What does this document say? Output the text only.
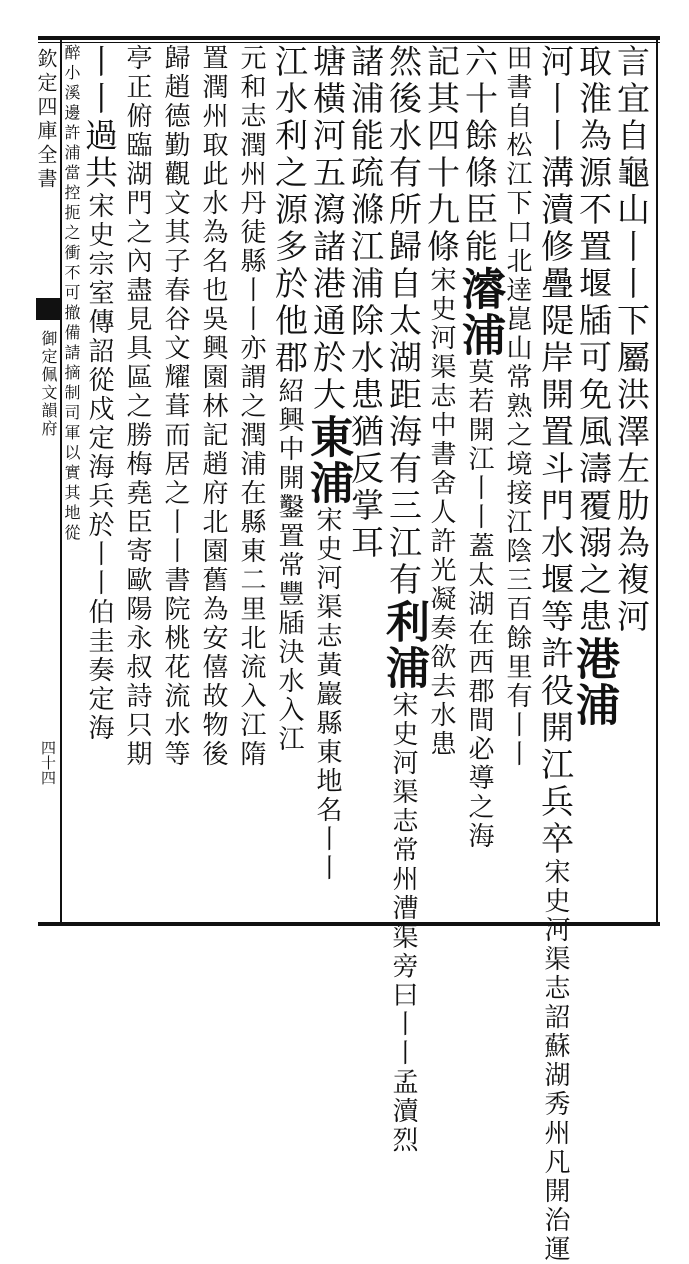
欽定四庫全書
御定佩文韻府
四十四
言宜自龜山丨丨下屬洪澤左肋為複河
取淮為源不置堰牐可免風濤覆溺之患港浦
河丨丨溝瀆修疊隄岸開置斗門水堰等許役開江兵卒宋史河渠志詔蘇湖秀州凡開治運
田書自松江下口北逹崑山常熟之境接江陰三百餘里有丨丨
六十餘條臣能濬浦莫若開江丨丨蓋太湖在西郡間必導之海
記其四十九條宋史河渠志中書舍人許光凝奏欲去水患
然後水有所歸自太湖距海有三江有利浦宋史河渠志常州漕渠旁曰丨丨孟瀆烈
諸浦能疏滌江浦除水患猶反掌耳
塘橫河五瀉諸港通於大東浦宋史河渠志黃巖縣東地名丨丨
江水利之源多於他郡紹興中開鑿置常豐牐決水入江
元和志潤州丹徒縣丨丨亦謂之潤浦在縣東二里北流入江隋
置潤州取此水為名也吳興園林記趙府北園舊為安僖故物後
歸趙德勤觀文其子春谷文耀葺而居之丨丨書院桃花流水等
亭正俯臨湖門之內盡見具區之勝梅堯臣寄歐陽永叔詩只期
丨丨過共宋史宗室傳詔從戍定海兵於丨丨伯圭奏定海
醉小溪邊許浦當控扼之衝不可撤備請摘制司軍以實其地從
